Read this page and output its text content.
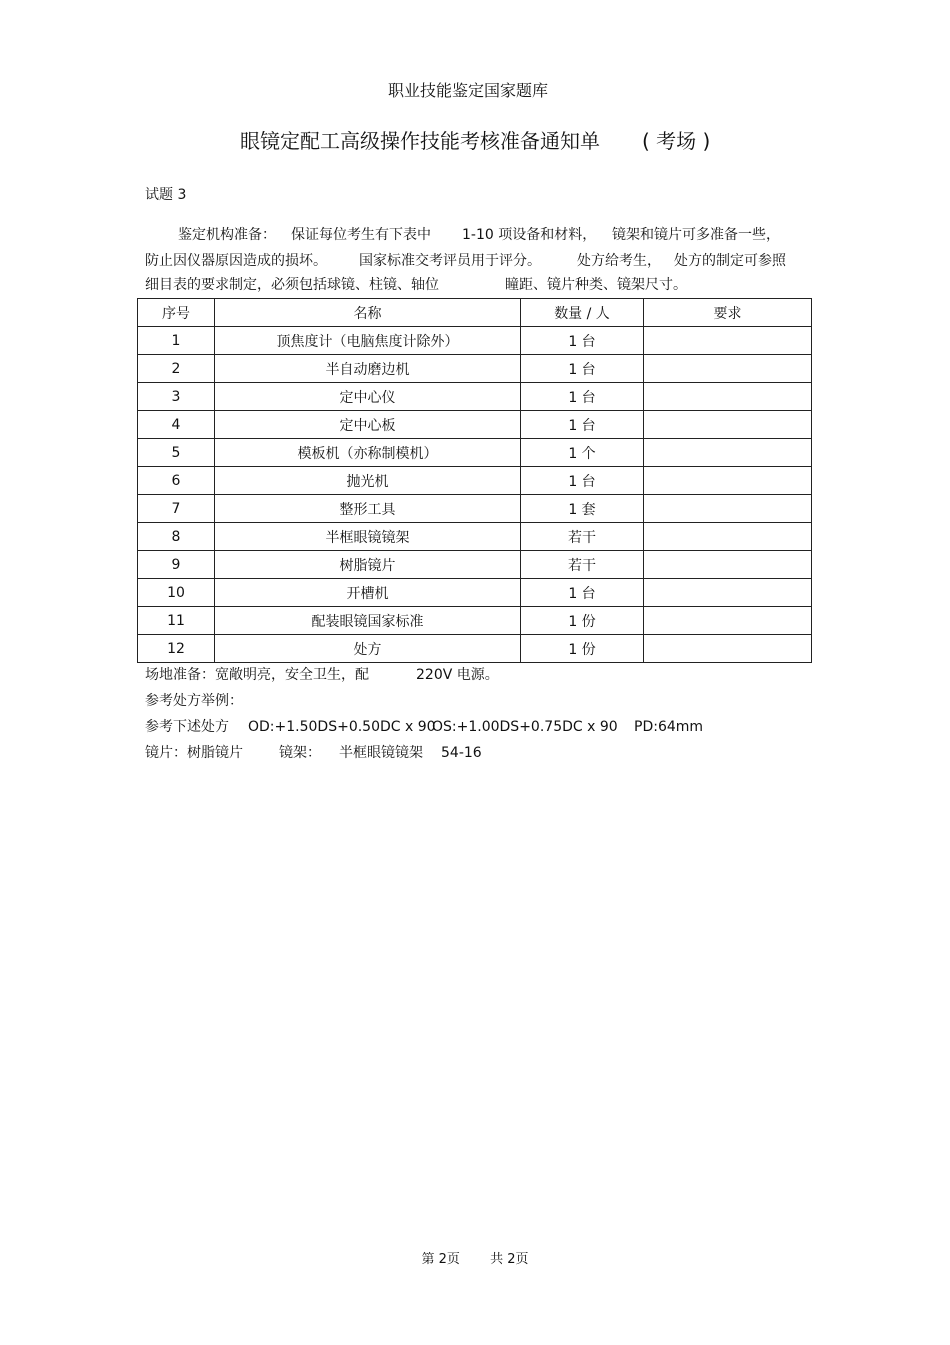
职业技能鉴定国家题库
眼镜定配工高级操作技能考核准备通知单 ( 考场 )
试题 3
鉴定机构准备： 保证每位考生有下表中 1-10 项设备和材料， 镜架和镜片可多准备一些，
防止因仪器原因造成的损坏。 国家标准交考评员用于评分。	处方给考生， 处方的制定可参照
细目表的要求制定，必须包括球镜、柱镜、轴位	瞳距、镜片种类、镜架尺寸。
序号	名称	数量 / 人	要求
1	顶焦度计（电脑焦度计除外）	1 台	
2	半自动磨边机	1 台	
3	定中心仪	1 台	
4	定中心板	1 台	
5	模板机（亦称制模机）	1 个	
6	抛光机	1 台	
7	整形工具	1 套	
8	半框眼镜镜架	若干	
9	树脂镜片	若干	
10	开槽机	1 台	
11	配装眼镜国家标准	1 份	
12	处方	1 份	
场地准备：宽敞明亮，安全卫生，配	220V 电源。
参考处方举例：
参考下述处方 OD:+1.50DS+0.50DC x 90
OS:+1.00DS+0.75DC x 90 PD:64mm
镜片：树脂镜片	镜架： 半框眼镜镜架 54-16
第 2页 共 2页
